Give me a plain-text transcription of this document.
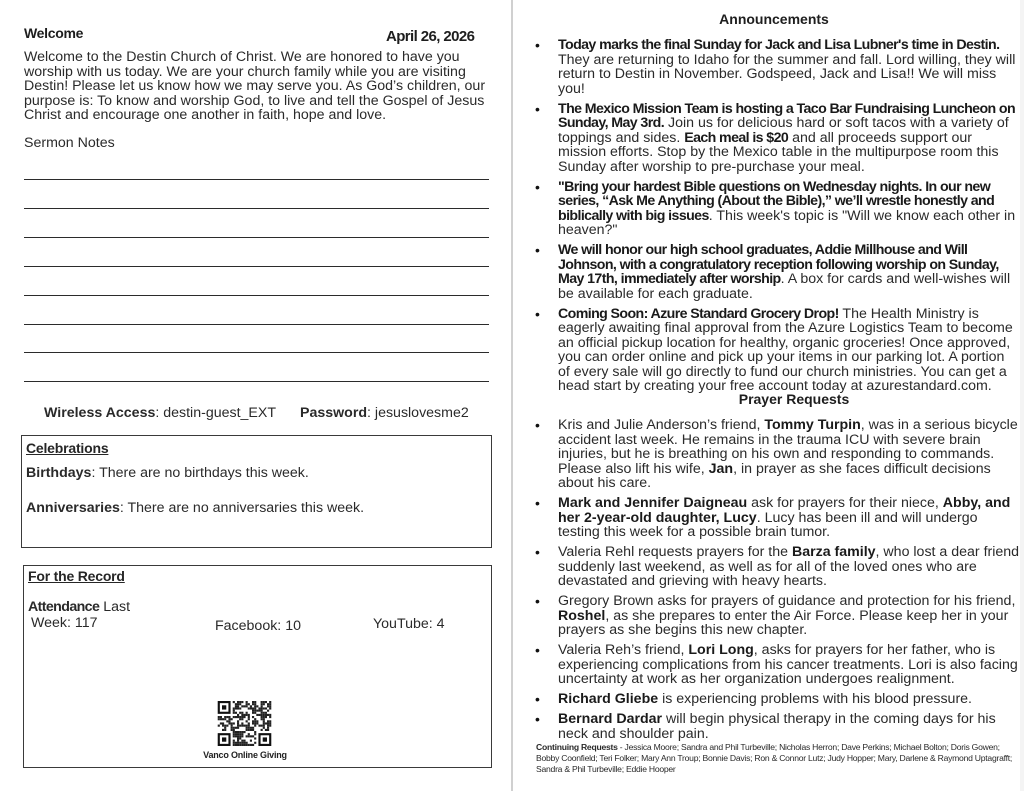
Welcome	April 26, 2026
Welcome to the Destin Church of Christ. We are honored to have you worship with us today. We are your church family while you are visiting Destin! Please let us know how we may serve you. As God’s children, our purpose is: To know and worship God, to live and tell the Gospel of Jesus Christ and encourage one another in faith, hope and love.
Sermon Notes
Wireless Access: destin-guest_EXT Password: jesuslovesme2
Celebrations
Birthdays: There are no birthdays this week.
Anniversaries: There are no anniversaries this week.
For the Record
Attendance Last
Week: 117	Facebook: 10	YouTube: 4
Vanco Online Giving
Announcements
• Today marks the final Sunday for Jack and Lisa Lubner's time in Destin. They are returning to Idaho for the summer and fall. Lord willing, they will return to Destin in November. Godspeed, Jack and Lisa!! We will miss you!
• The Mexico Mission Team is hosting a Taco Bar Fundraising Luncheon on Sunday, May 3rd. Join us for delicious hard or soft tacos with a variety of toppings and sides. Each meal is $20 and all proceeds support our mission efforts. Stop by the Mexico table in the multipurpose room this Sunday after worship to pre-purchase your meal.
• "Bring your hardest Bible questions on Wednesday nights. In our new series, “Ask Me Anything (About the Bible),” we’ll wrestle honestly and biblically with big issues. This week's topic is "Will we know each other in heaven?"
• We will honor our high school graduates, Addie Millhouse and Will Johnson, with a congratulatory reception following worship on Sunday, May 17th, immediately after worship. A box for cards and well-wishes will be available for each graduate.
• Coming Soon: Azure Standard Grocery Drop! The Health Ministry is eagerly awaiting final approval from the Azure Logistics Team to become an official pickup location for healthy, organic groceries! Once approved, you can order online and pick up your items in our parking lot. A portion of every sale will go directly to fund our church ministries. You can get a head start by creating your free account today at azurestandard.com.
Prayer Requests
• Kris and Julie Anderson’s friend, Tommy Turpin, was in a serious bicycle accident last week. He remains in the trauma ICU with severe brain injuries, but he is breathing on his own and responding to commands. Please also lift his wife, Jan, in prayer as she faces difficult decisions about his care.
• Mark and Jennifer Daigneau ask for prayers for their niece, Abby, and her 2-year-old daughter, Lucy. Lucy has been ill and will undergo testing this week for a possible brain tumor.
• Valeria Rehl requests prayers for the Barza family, who lost a dear friend suddenly last weekend, as well as for all of the loved ones who are devastated and grieving with heavy hearts.
• Gregory Brown asks for prayers of guidance and protection for his friend, Roshel, as she prepares to enter the Air Force. Please keep her in your prayers as she begins this new chapter.
• Valeria Reh’s friend, Lori Long, asks for prayers for her father, who is experiencing complications from his cancer treatments. Lori is also facing uncertainty at work as her organization undergoes realignment.
• Richard Gliebe is experiencing problems with his blood pressure.
• Bernard Dardar will begin physical therapy in the coming days for his neck and shoulder pain.
Continuing Requests - Jessica Moore; Sandra and Phil Turbeville; Nicholas Herron; Dave Perkins; Michael Bolton; Doris Gowen; Bobby Coonfield; Teri Folker; Mary Ann Troup; Bonnie Davis; Ron & Connor Lutz; Judy Hopper; Mary, Darlene & Raymond Uptagrafft; Sandra & Phil Turbeville; Eddie Hooper
